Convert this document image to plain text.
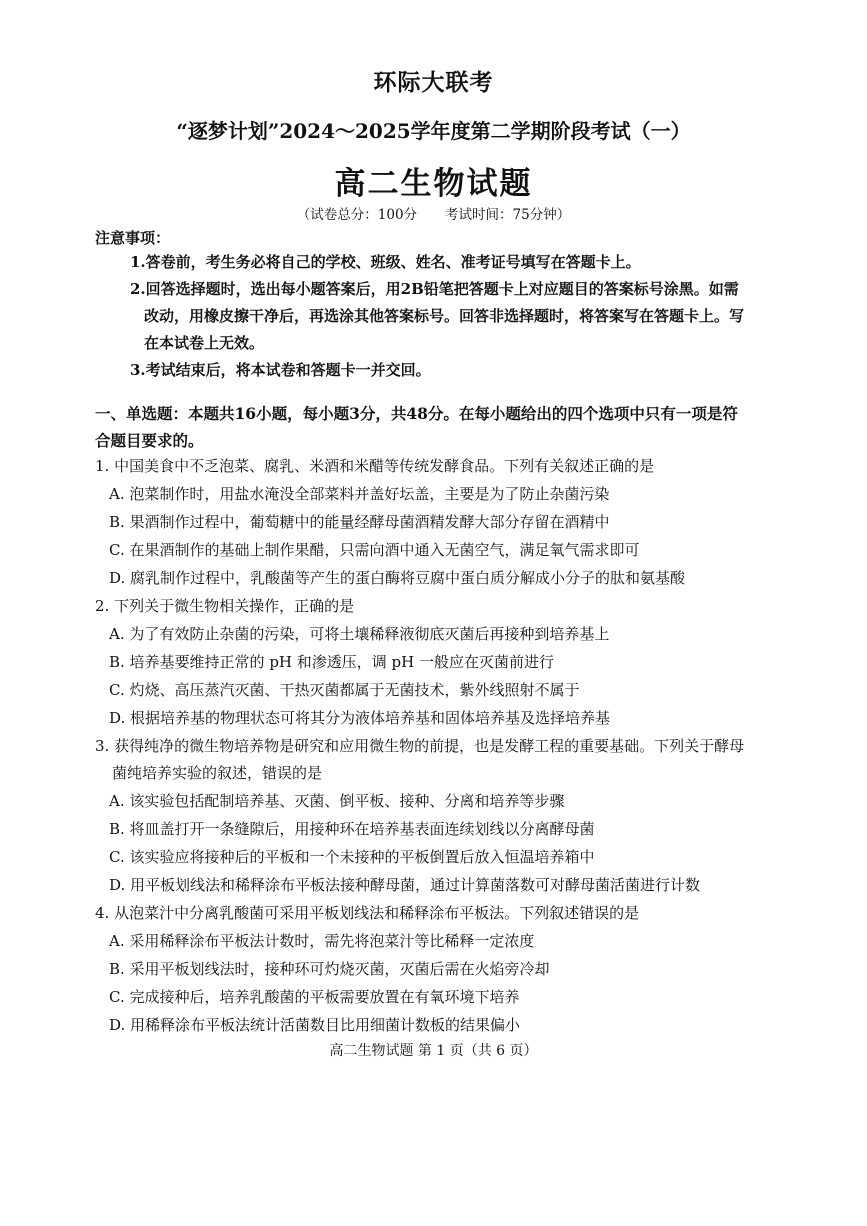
环际大联考
“逐梦计划”2024～2025学年度第二学期阶段考试（一）
高二生物试题
（试卷总分：100分 考试时间：75分钟）
注意事项：
1.答卷前，考生务必将自己的学校、班级、姓名、准考证号填写在答题卡上。
2.回答选择题时，选出每小题答案后，用2B铅笔把答题卡上对应题目的答案标号涂黑。如需
改动，用橡皮擦干净后，再选涂其他答案标号。回答非选择题时，将答案写在答题卡上。写
在本试卷上无效。
3.考试结束后，将本试卷和答题卡一并交回。
一、单选题：本题共16小题，每小题3分，共48分。在每小题给出的四个选项中只有一项是符
合题目要求的。
1. 中国美食中不乏泡菜、腐乳、米酒和米醋等传统发酵食品。下列有关叙述正确的是
A. 泡菜制作时，用盐水淹没全部菜料并盖好坛盖，主要是为了防止杂菌污染
B. 果酒制作过程中，葡萄糖中的能量经酵母菌酒精发酵大部分存留在酒精中
C. 在果酒制作的基础上制作果醋，只需向酒中通入无菌空气，满足氧气需求即可
D. 腐乳制作过程中，乳酸菌等产生的蛋白酶将豆腐中蛋白质分解成小分子的肽和氨基酸
2. 下列关于微生物相关操作，正确的是
A. 为了有效防止杂菌的污染，可将土壤稀释液彻底灭菌后再接种到培养基上
B. 培养基要维持正常的 pH 和渗透压，调 pH 一般应在灭菌前进行
C. 灼烧、高压蒸汽灭菌、干热灭菌都属于无菌技术，紫外线照射不属于
D. 根据培养基的物理状态可将其分为液体培养基和固体培养基及选择培养基
3. 获得纯净的微生物培养物是研究和应用微生物的前提，也是发酵工程的重要基础。下列关于酵母
菌纯培养实验的叙述，错误的是
A. 该实验包括配制培养基、灭菌、倒平板、接种、分离和培养等步骤
B. 将皿盖打开一条缝隙后，用接种环在培养基表面连续划线以分离酵母菌
C. 该实验应将接种后的平板和一个未接种的平板倒置后放入恒温培养箱中
D. 用平板划线法和稀释涂布平板法接种酵母菌，通过计算菌落数可对酵母菌活菌进行计数
4. 从泡菜汁中分离乳酸菌可采用平板划线法和稀释涂布平板法。下列叙述错误的是
A. 采用稀释涂布平板法计数时，需先将泡菜汁等比稀释一定浓度
B. 采用平板划线法时，接种环可灼烧灭菌，灭菌后需在火焰旁冷却
C. 完成接种后，培养乳酸菌的平板需要放置在有氧环境下培养
D. 用稀释涂布平板法统计活菌数目比用细菌计数板的结果偏小
高二生物试题 第 1 页（共 6 页）
